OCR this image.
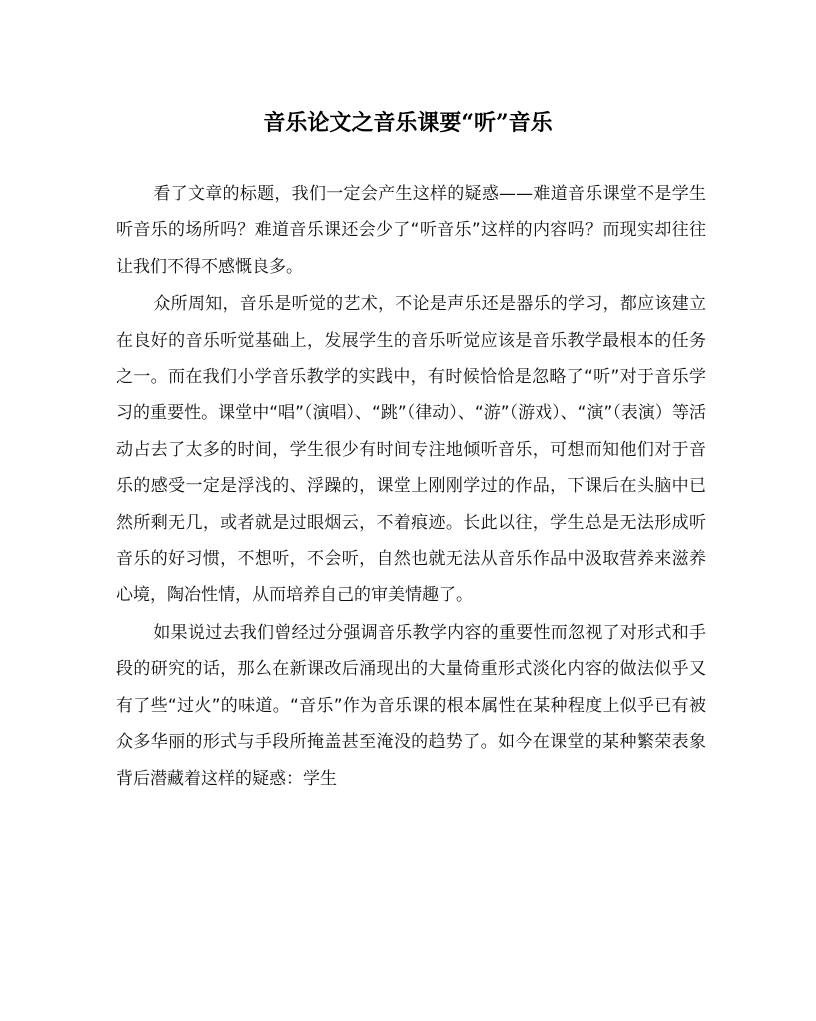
音乐论文之音乐课要“听”音乐

看了文章的标题，我们一定会产生这样的疑惑——难道音乐课堂不是学生听音乐的场所吗？难道音乐课还会少了“听音乐”这样的内容吗？而现实却往往让我们不得不感慨良多。

众所周知，音乐是听觉的艺术，不论是声乐还是器乐的学习，都应该建立在良好的音乐听觉基础上，发展学生的音乐听觉应该是音乐教学最根本的任务之一。而在我们小学音乐教学的实践中，有时候恰恰是忽略了“听”对于音乐学习的重要性。课堂中“唱”（演唱）、“跳”（律动）、“游”（游戏）、“演”（表演）等活动占去了太多的时间，学生很少有时间专注地倾听音乐，可想而知他们对于音乐的感受一定是浮浅的、浮躁的，课堂上刚刚学过的作品，下课后在头脑中已然所剩无几，或者就是过眼烟云，不着痕迹。长此以往，学生总是无法形成听音乐的好习惯，不想听，不会听，自然也就无法从音乐作品中汲取营养来滋养心境，陶冶性情，从而培养自己的审美情趣了。

如果说过去我们曾经过分强调音乐教学内容的重要性而忽视了对形式和手段的研究的话，那么在新课改后涌现出的大量倚重形式淡化内容的做法似乎又有了些“过火”的味道。“音乐”作为音乐课的根本属性在某种程度上似乎已有被众多华丽的形式与手段所掩盖甚至淹没的趋势了。如今在课堂的某种繁荣表象背后潜藏着这样的疑惑：学生
